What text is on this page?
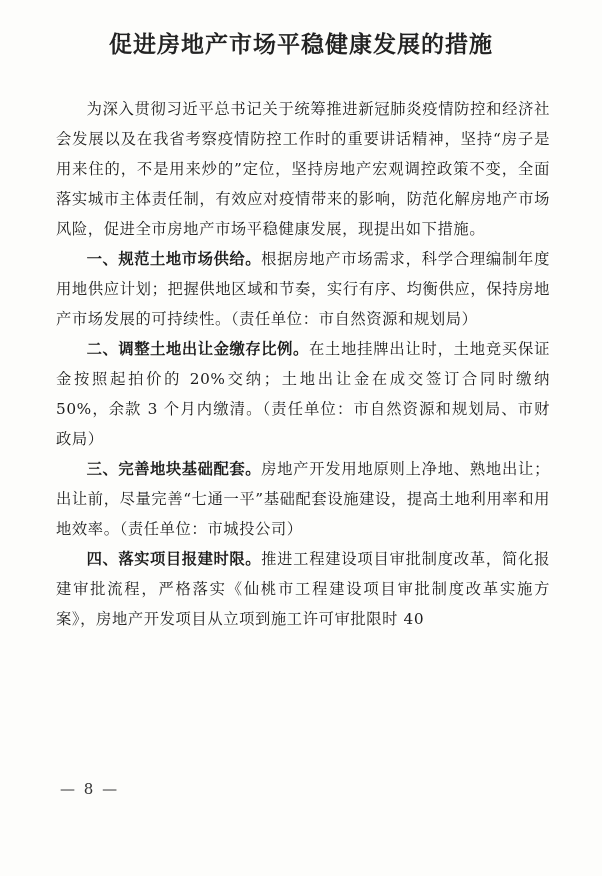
促进房地产市场平稳健康发展的措施

为深入贯彻习近平总书记关于统筹推进新冠肺炎疫情防控和经济社会发展以及在我省考察疫情防控工作时的重要讲话精神，坚持“房子是用来住的，不是用来炒的”定位，坚持房地产宏观调控政策不变，全面落实城市主体责任制，有效应对疫情带来的影响，防范化解房地产市场风险，促进全市房地产市场平稳健康发展，现提出如下措施。

一、规范土地市场供给。根据房地产市场需求，科学合理编制年度用地供应计划；把握供地区域和节奏，实行有序、均衡供应，保持房地产市场发展的可持续性。（责任单位：市自然资源和规划局）

二、调整土地出让金缴存比例。在土地挂牌出让时，土地竞买保证金按照起拍价的 20%交纳；土地出让金在成交签订合同时缴纳 50%，余款 3 个月内缴清。（责任单位：市自然资源和规划局、市财政局）

三、完善地块基础配套。房地产开发用地原则上净地、熟地出让；出让前，尽量完善“七通一平”基础配套设施建设，提高土地利用率和用地效率。（责任单位：市城投公司）

四、落实项目报建时限。推进工程建设项目审批制度改革，简化报建审批流程，严格落实《仙桃市工程建设项目审批制度改革实施方案》，房地产开发项目从立项到施工许可审批限时 40

— 8 —
